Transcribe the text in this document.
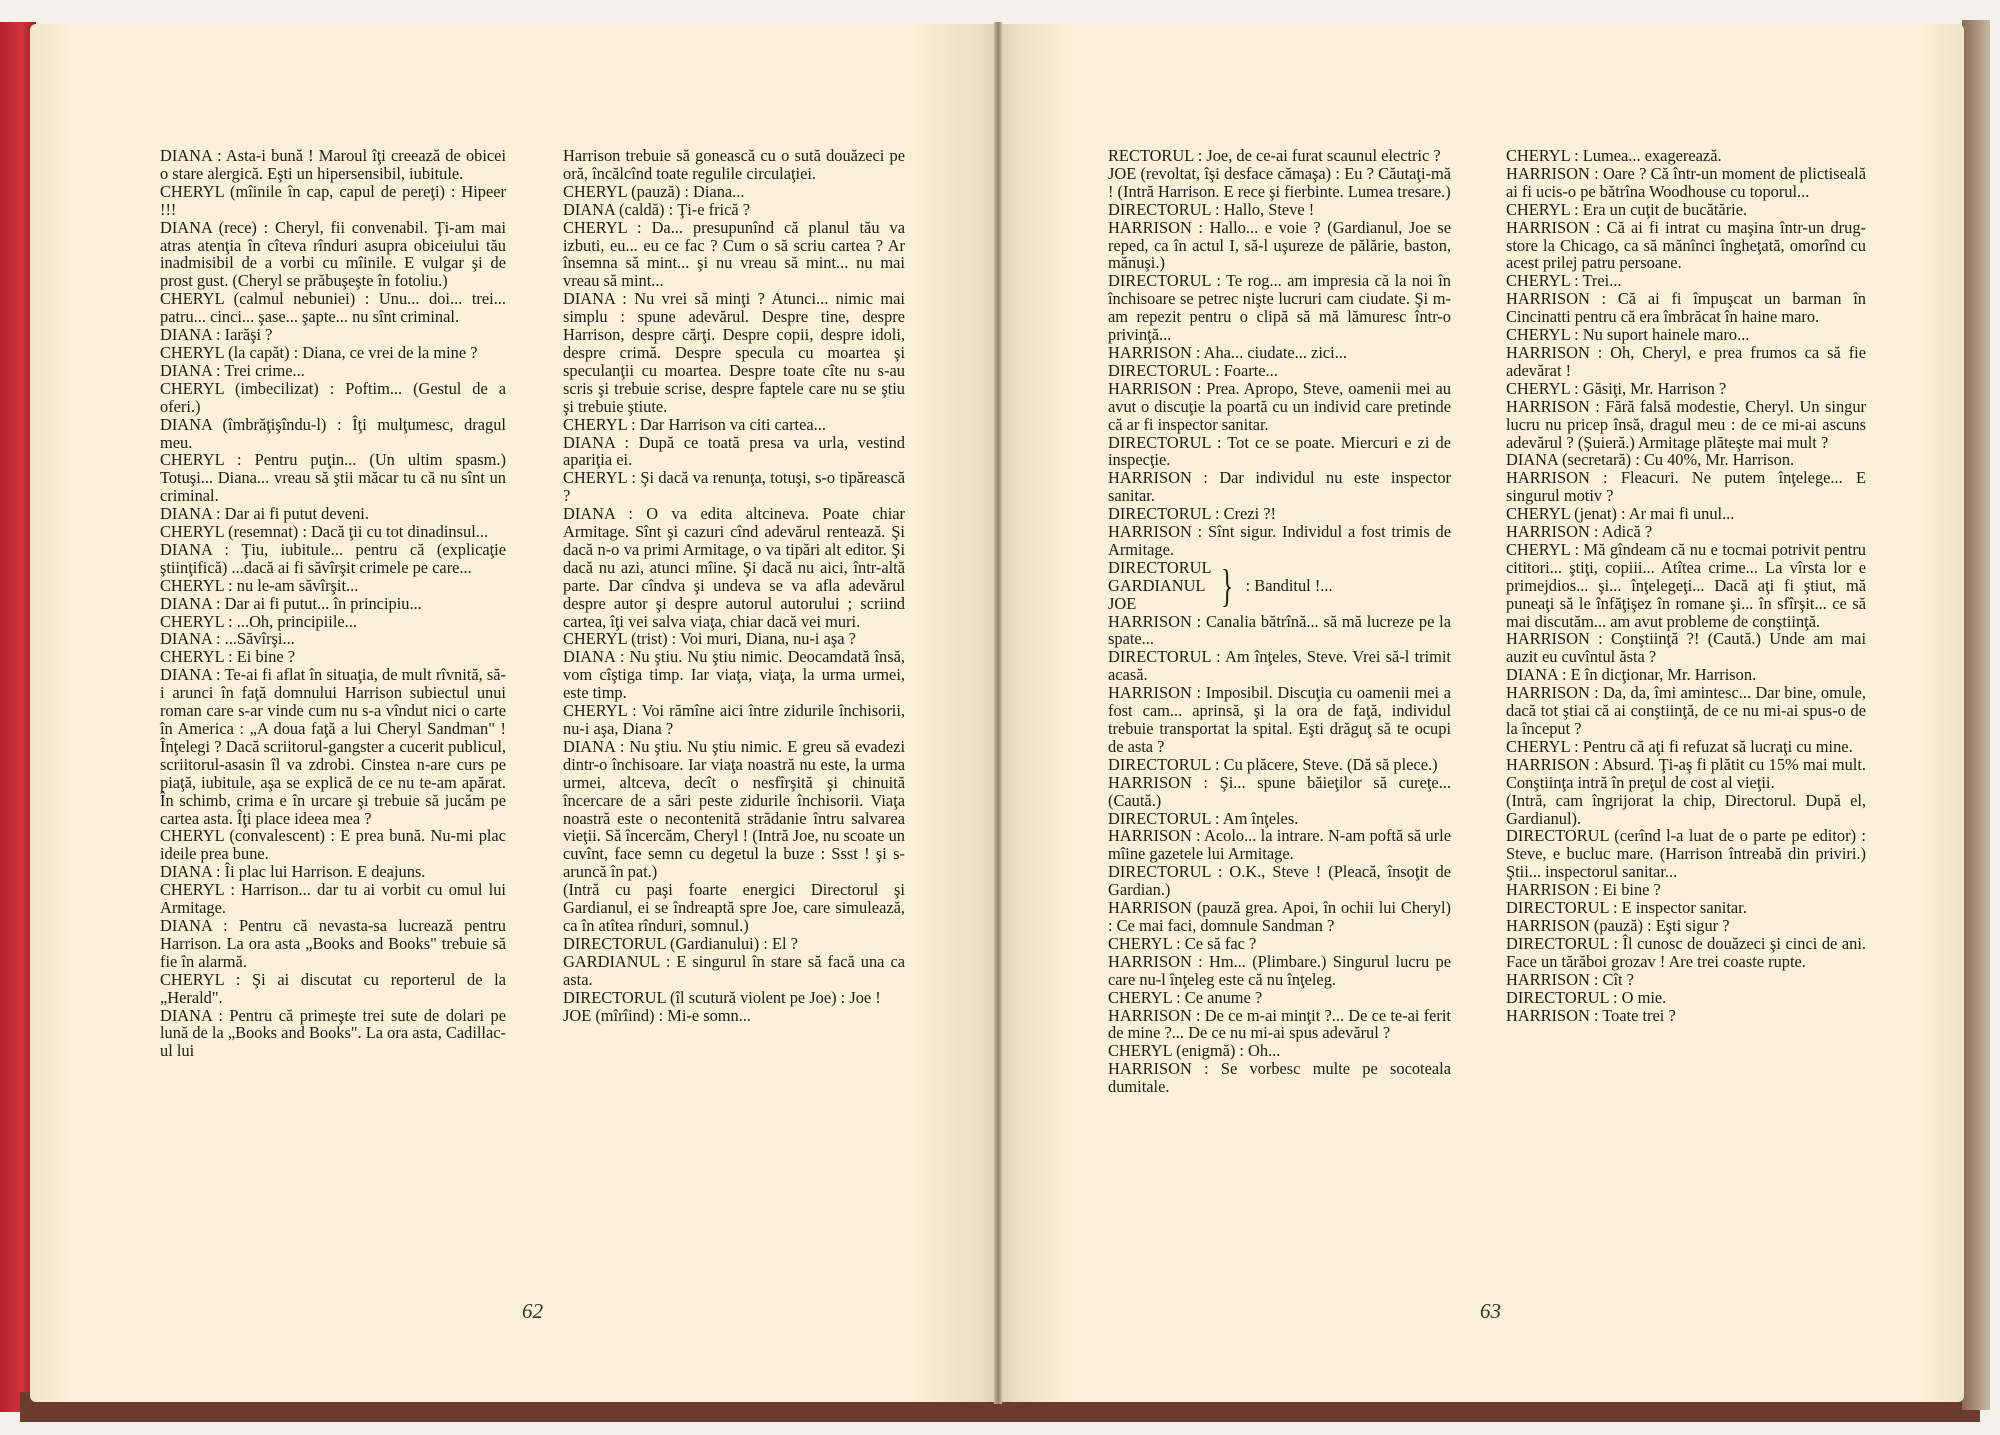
DIANA : Asta-i bună ! Maroul îţi creează de obicei o stare alergică. Eşti un hipersensibil, iubitule.

CHERYL (mîinile în cap, capul de pereţi) : Hipeer !!!

DIANA (rece) : Cheryl, fii convenabil. Ţi-am mai atras atenţia în cîteva rînduri asupra obiceiului tău inadmisibil de a vorbi cu mîinile. E vulgar şi de prost gust. (Cheryl se prăbuşeşte în fotoliu.)

CHERYL (calmul nebuniei) : Unu... doi... trei... patru... cinci... şase... şapte... nu sînt criminal.

DIANA : Iarăşi ?

CHERYL (la capăt) : Diana, ce vrei de la mine ?

DIANA : Trei crime...

CHERYL (imbecilizat) : Poftim... (Gestul de a oferi.)

DIANA (îmbrăţişîndu-l) : Îţi mulţumesc, dragul meu.

CHERYL : Pentru puţin... (Un ultim spasm.) Totuşi... Diana... vreau să ştii măcar tu că nu sînt un criminal.

DIANA : Dar ai fi putut deveni.

CHERYL (resemnat) : Dacă ţii cu tot dinadinsul...

DIANA : Ţiu, iubitule... pentru că (explicaţie ştiinţifică) ...dacă ai fi săvîrşit crimele pe care...

CHERYL : nu le-am săvîrşit...

DIANA : Dar ai fi putut... în principiu...

CHERYL : ...Oh, principiile...

DIANA : ...Săvîrşi...

CHERYL : Ei bine ?

DIANA : Te-ai fi aflat în situaţia, de mult rîvnită, să-i arunci în faţă domnului Harrison subiectul unui roman care s-ar vinde cum nu s-a vîndut nici o carte în America : „A doua faţă a lui Cheryl Sandman" ! Înţelegi ? Dacă scriitorul-gangster a cucerit publicul, scriitorul-asasin îl va zdrobi. Cinstea n-are curs pe piaţă, iubitule, aşa se explică de ce nu te-am apărat. În schimb, crima e în urcare şi trebuie să jucăm pe cartea asta. Îţi place ideea mea ?

CHERYL (convalescent) : E prea bună. Nu-mi plac ideile prea bune.

DIANA : Îi plac lui Harrison. E deajuns.

CHERYL : Harrison... dar tu ai vorbit cu omul lui Armitage.

DIANA : Pentru că nevasta-sa lucrează pentru Harrison. La ora asta „Books and Books" trebuie să fie în alarmă.

CHERYL : Şi ai discutat cu reporterul de la „Herald".

DIANA : Pentru că primeşte trei sute de dolari pe lună de la „Books and Books". La ora asta, Cadillac-ul lui

Harrison trebuie să gonească cu o sută douăzeci pe oră, încălcînd toate regulile circulaţiei.

CHERYL (pauză) : Diana...

DIANA (caldă) : Ţi-e frică ?

CHERYL : Da... presupunînd că planul tău va izbuti, eu... eu ce fac ? Cum o să scriu cartea ? Ar însemna să mint... şi nu vreau să mint... nu mai vreau să mint...

DIANA : Nu vrei să minţi ? Atunci... nimic mai simplu : spune adevărul. Despre tine, despre Harrison, despre cărţi. Despre copii, despre idoli, despre crimă. Despre specula cu moartea şi speculanţii cu moartea. Despre toate cîte nu s-au scris şi trebuie scrise, despre faptele care nu se ştiu şi trebuie ştiute.

CHERYL : Dar Harrison va citi cartea...

DIANA : După ce toată presa va urla, vestind apariţia ei.

CHERYL : Şi dacă va renunţa, totuşi, s-o tipărească ?

DIANA : O va edita altcineva. Poate chiar Armitage. Sînt şi cazuri cînd adevărul rentează. Şi dacă n-o va primi Armitage, o va tipări alt editor. Şi dacă nu azi, atunci mîine. Şi dacă nu aici, într-altă parte. Dar cîndva şi undeva se va afla adevărul despre autor şi despre autorul autorului ; scriind cartea, îţi vei salva viaţa, chiar dacă vei muri.

CHERYL (trist) : Voi muri, Diana, nu-i aşa ?

DIANA : Nu ştiu. Nu ştiu nimic. Deocamdată însă, vom cîştiga timp. Iar viaţa, viaţa, la urma urmei, este timp.

CHERYL : Voi rămîne aici între zidurile închisorii, nu-i aşa, Diana ?

DIANA : Nu ştiu. Nu ştiu nimic. E greu să evadezi dintr-o închisoare. Iar viaţa noastră nu este, la urma urmei, altceva, decît o nesfîrşită şi chinuită încercare de a sări peste zidurile închisorii. Viaţa noastră este o necontenită strădanie întru salvarea vieţii. Să încercăm, Cheryl ! (Intră Joe, nu scoate un cuvînt, face semn cu degetul la buze : Ssst ! şi s-aruncă în pat.)

(Intră cu paşi foarte energici Directorul şi Gardianul, ei se îndreaptă spre Joe, care simulează, ca în atîtea rînduri, somnul.)

DIRECTORUL (Gardianului) : El ?

GARDIANUL : E singurul în stare să facă una ca asta.

DIRECTORUL (îl scutură violent pe Joe) : Joe !

JOE (mîrîind) : Mi-e somn...

RECTORUL : Joe, de ce-ai furat scaunul electric ?

JOE (revoltat, îşi desface cămaşa) : Eu ? Căutaţi-mă ! (Intră Harrison. E rece şi fierbinte. Lumea tresare.)

DIRECTORUL : Hallo, Steve !

HARRISON : Hallo... e voie ? (Gardianul, Joe se reped, ca în actul I, să-l uşureze de pălărie, baston, mănuşi.)

DIRECTORUL : Te rog... am impresia că la noi în închisoare se petrec nişte lucruri cam ciudate. Şi m-am repezit pentru o clipă să mă lămuresc într-o privinţă...

HARRISON : Aha... ciudate... zici...

DIRECTORUL : Foarte...

HARRISON : Prea. Apropo, Steve, oamenii mei au avut o discuţie la poartă cu un individ care pretinde că ar fi inspector sanitar.

DIRECTORUL : Tot ce se poate. Miercuri e zi de inspecţie.

HARRISON : Dar individul nu este inspector sanitar.

DIRECTORUL : Crezi ?!

HARRISON : Sînt sigur. Individul a fost trimis de Armitage.

DIRECTORUL
GARDIANUL
JOE	} : Banditul !...

HARRISON : Canalia bătrînă... să mă lucreze pe la spate...

DIRECTORUL : Am înţeles, Steve. Vrei să-l trimit acasă.

HARRISON : Imposibil. Discuţia cu oamenii mei a fost cam... aprinsă, şi la ora de faţă, individul trebuie transportat la spital. Eşti drăguţ să te ocupi de asta ?

DIRECTORUL : Cu plăcere, Steve. (Dă să plece.)

HARRISON : Şi... spune băieţilor să cureţe... (Caută.)

DIRECTORUL : Am înţeles.

HARRISON : Acolo... la intrare. N-am poftă să urle mîine gazetele lui Armitage.

DIRECTORUL : O.K., Steve ! (Pleacă, însoţit de Gardian.)

HARRISON (pauză grea. Apoi, în ochii lui Cheryl) : Ce mai faci, domnule Sandman ?

CHERYL : Ce să fac ?

HARRISON : Hm... (Plimbare.) Singurul lucru pe care nu-l înţeleg este că nu înţeleg.

CHERYL : Ce anume ?

HARRISON : De ce m-ai minţit ?... De ce te-ai ferit de mine ?... De ce nu mi-ai spus adevărul ?

CHERYL (enigmă) : Oh...

HARRISON : Se vorbesc multe pe socoteala dumitale.

CHERYL : Lumea... exagerează.

HARRISON : Oare ? Că într-un moment de plictiseală ai fi ucis-o pe bătrîna Woodhouse cu toporul...

CHERYL : Era un cuţit de bucătărie.

HARRISON : Că ai fi intrat cu maşina într-un drug-store la Chicago, ca să mănînci îngheţată, omorînd cu acest prilej patru persoane.

CHERYL : Trei...

HARRISON : Că ai fi împuşcat un barman în Cincinatti pentru că era îmbrăcat în haine maro.

CHERYL : Nu suport hainele maro...

HARRISON : Oh, Cheryl, e prea frumos ca să fie adevărat !

CHERYL : Găsiţi, Mr. Harrison ?

HARRISON : Fără falsă modestie, Cheryl. Un singur lucru nu pricep însă, dragul meu : de ce mi-ai ascuns adevărul ? (Şuieră.) Armitage plăteşte mai mult ?

DIANA (secretară) : Cu 40%, Mr. Harrison.

HARRISON : Fleacuri. Ne putem înţelege... E singurul motiv ?

CHERYL (jenat) : Ar mai fi unul...

HARRISON : Adică ?

CHERYL : Mă gîndeam că nu e tocmai potrivit pentru cititori... ştiţi, copiii... Atîtea crime... La vîrsta lor e primejdios... şi... înţelegeţi... Dacă aţi fi ştiut, mă puneaţi să le înfăţişez în romane şi... în sfîrşit... ce să mai discutăm... am avut probleme de conştiinţă.

HARRISON : Conştiinţă ?! (Caută.) Unde am mai auzit eu cuvîntul ăsta ?

DIANA : E în dicţionar, Mr. Harrison.

HARRISON : Da, da, îmi amintesc... Dar bine, omule, dacă tot ştiai că ai conştiinţă, de ce nu mi-ai spus-o de la început ?

CHERYL : Pentru că aţi fi refuzat să lucraţi cu mine.

HARRISON : Absurd. Ţi-aş fi plătit cu 15% mai mult. Conştiinţa intră în preţul de cost al vieţii.

(Intră, cam îngrijorat la chip, Directorul. După el, Gardianul).

DIRECTORUL (cerînd l-a luat de o parte pe editor) : Steve, e bucluc mare. (Harrison întreabă din priviri.) Ştii... inspectorul sanitar...

HARRISON : Ei bine ?

DIRECTORUL : E inspector sanitar.

HARRISON (pauză) : Eşti sigur ?

DIRECTORUL : Îl cunosc de douăzeci şi cinci de ani. Face un tărăboi grozav ! Are trei coaste rupte.

HARRISON : Cît ?

DIRECTORUL : O mie.

HARRISON : Toate trei ?

62	63
